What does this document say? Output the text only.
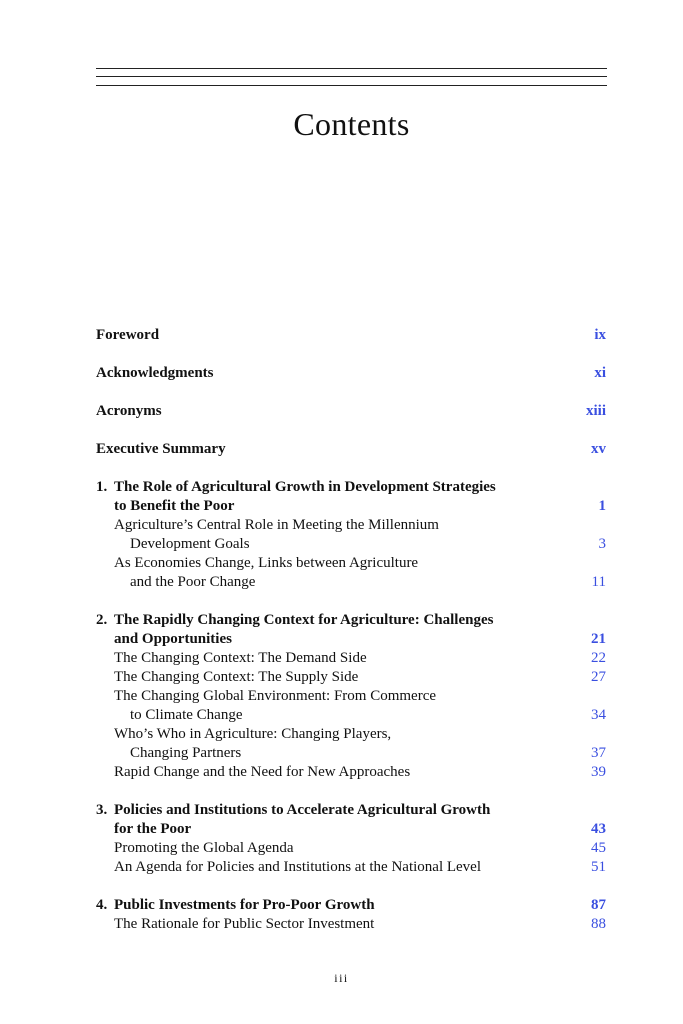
Contents
Foreword	ix
Acknowledgments	xi
Acronyms	xiii
Executive Summary	xv
1. The Role of Agricultural Growth in Development Strategies
to Benefit the Poor	1
Agriculture’s Central Role in Meeting the Millennium
Development Goals	3
As Economies Change, Links between Agriculture
and the Poor Change	11
2. The Rapidly Changing Context for Agriculture: Challenges
and Opportunities	21
The Changing Context: The Demand Side	22
The Changing Context: The Supply Side	27
The Changing Global Environment: From Commerce
to Climate Change	34
Who’s Who in Agriculture: Changing Players,
Changing Partners	37
Rapid Change and the Need for New Approaches	39
3. Policies and Institutions to Accelerate Agricultural Growth
for the Poor	43
Promoting the Global Agenda	45
An Agenda for Policies and Institutions at the National Level	51
4. Public Investments for Pro-Poor Growth	87
The Rationale for Public Sector Investment	88
iii
